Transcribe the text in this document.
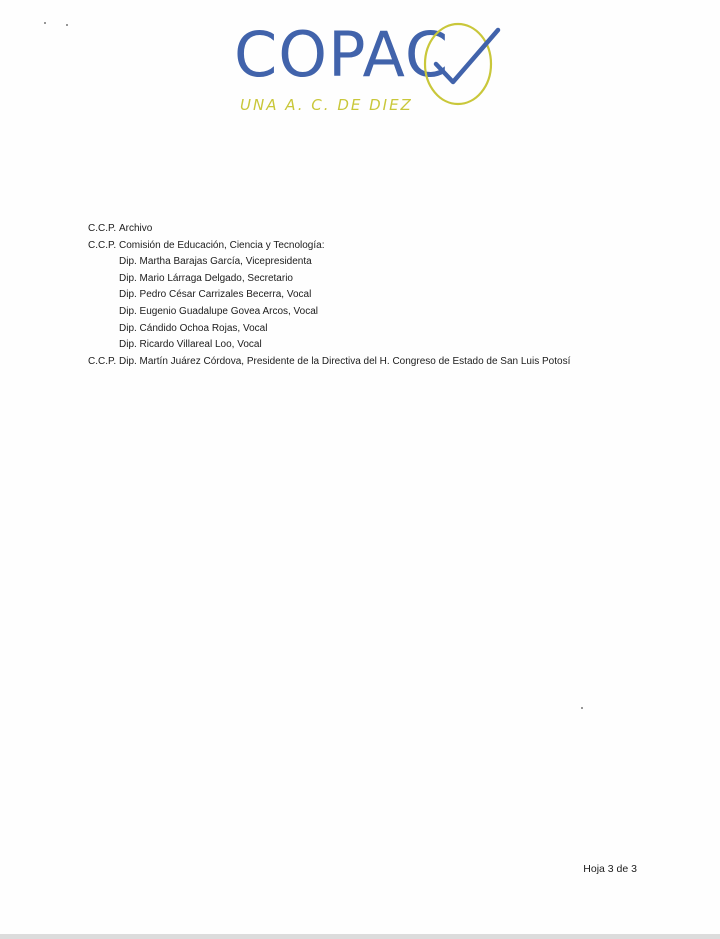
COPAC
UNA A. C. DE DIEZ
C.C.P. Archivo
C.C.P. Comisión de Educación, Ciencia y Tecnología:
Dip. Martha Barajas García, Vicepresidenta
Dip. Mario Lárraga Delgado, Secretario
Dip. Pedro César Carrizales Becerra, Vocal
Dip. Eugenio Guadalupe Govea Arcos, Vocal
Dip. Cándido Ochoa Rojas, Vocal
Dip. Ricardo Villareal Loo, Vocal
C.C.P. Dip. Martín Juárez Córdova, Presidente de la Directiva del H. Congreso de Estado de San Luis Potosí
Hoja 3 de 3
